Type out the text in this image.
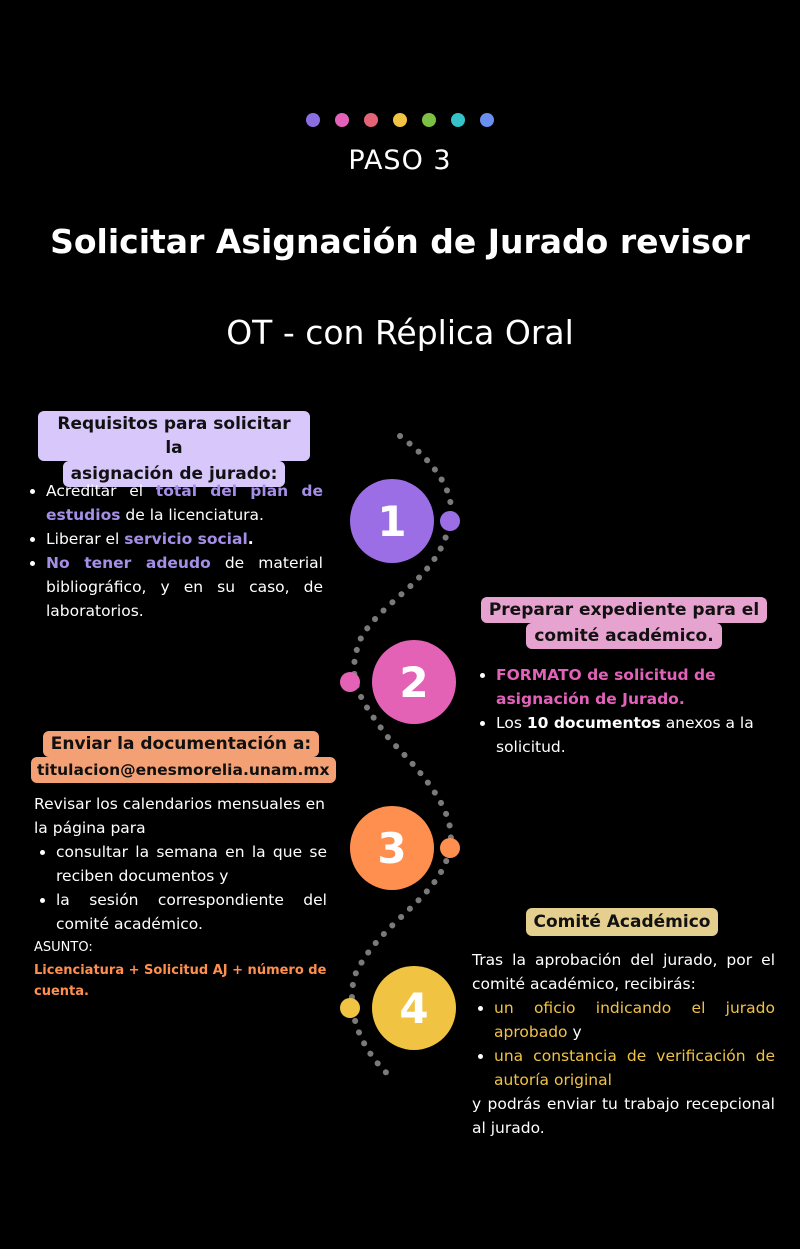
PASO 3
Solicitar Asignación de Jurado revisor
OT - con Réplica Oral
1
2
3
4
Requisitos para solicitar la
asignación de jurado:
• Acreditar el total del plan de estudios de la licenciatura.
• Liberar el servicio social.
• No tener adeudo de material bibliográfico, y en su caso, de laboratorios.	Preparar expediente para el
comité académico.
• FORMATO de solicitud de asignación de Jurado.
• Los 10 documentos anexos a la solicitud.
Enviar la documentación a:
titulacion@enesmorelia.unam.mx
Revisar los calendarios mensuales en la página para
• consultar la semana en la que se reciben documentos y
• la sesión correspondiente del comité académico.
ASUNTO:
Licenciatura + Solicitud AJ + número de cuenta.
Comité Académico
Tras la aprobación del jurado, por el comité académico, recibirás:
• un oficio indicando el jurado aprobado y
• una constancia de verificación de autoría original
y podrás enviar tu trabajo recepcional al jurado.
